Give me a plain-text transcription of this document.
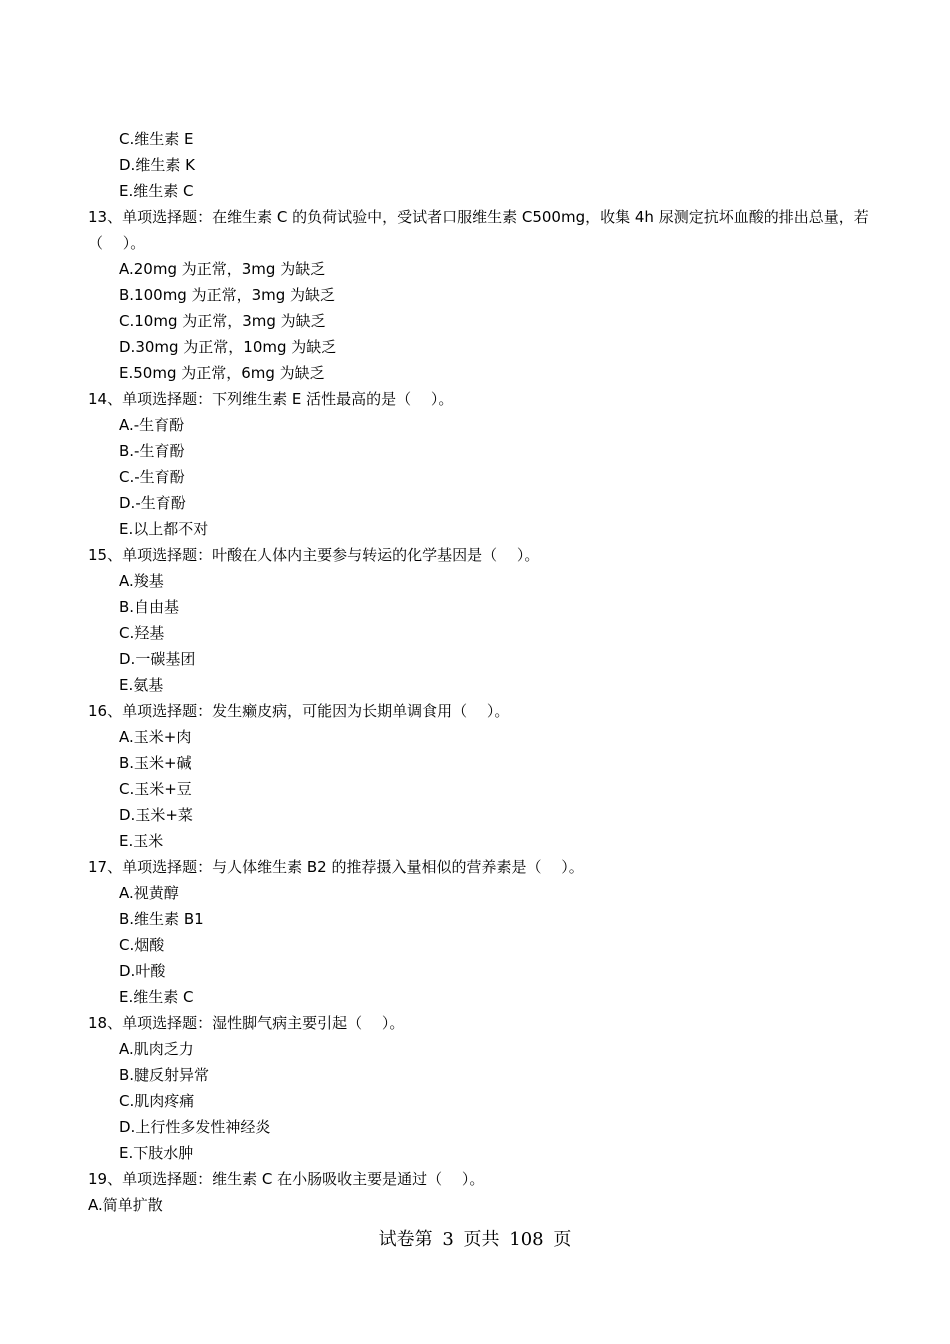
C.维生素 E
D.维生素 K
E.维生素 C
13、单项选择题：在维生素 C 的负荷试验中，受试者口服维生素 C500mg，收集 4h 尿测定抗坏血酸的排出总量，若（　 ）。
A.20mg 为正常，3mg 为缺乏
B.100mg 为正常，3mg 为缺乏
C.10mg 为正常，3mg 为缺乏
D.30mg 为正常，10mg 为缺乏
E.50mg 为正常，6mg 为缺乏
14、单项选择题：下列维生素 E 活性最高的是（　 ）。
A.-生育酚
B.-生育酚
C.-生育酚
D.-生育酚
E.以上都不对
15、单项选择题：叶酸在人体内主要参与转运的化学基因是（　 ）。
A.羧基
B.自由基
C.羟基
D.一碳基团
E.氨基
16、单项选择题：发生癞皮病，可能因为长期单调食用（　 ）。
A.玉米+肉
B.玉米+碱
C.玉米+豆
D.玉米+菜
E.玉米
17、单项选择题：与人体维生素 B2 的推荐摄入量相似的营养素是（　 ）。
A.视黄醇
B.维生素 B1
C.烟酸
D.叶酸
E.维生素 C
18、单项选择题：湿性脚气病主要引起（　 ）。
A.肌肉乏力
B.腱反射异常
C.肌肉疼痛
D.上行性多发性神经炎
E.下肢水肿
19、单项选择题：维生素 C 在小肠吸收主要是通过（　 ）。
A.简单扩散
试卷第 3 页共 108 页
